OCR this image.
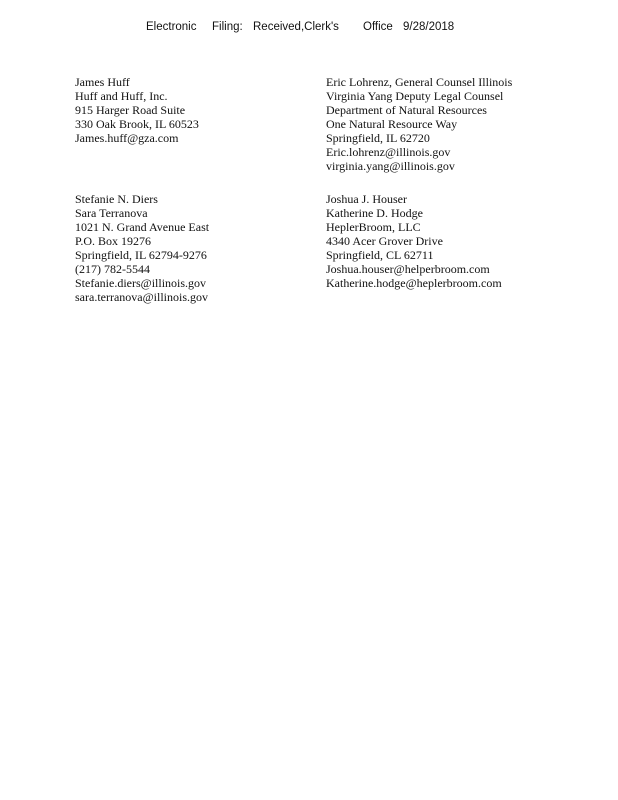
Electronic Filing: Received,Clerk's Office 9/28/2018
James Huff
Huff and Huff, Inc.
915 Harger Road Suite
330 Oak Brook, IL 60523
James.huff@gza.com
Eric Lohrenz, General Counsel Illinois
Virginia Yang Deputy Legal Counsel
Department of Natural Resources
One Natural Resource Way
Springfield, IL 62720
Eric.lohrenz@illinois.gov
virginia.yang@illinois.gov
Stefanie N. Diers
Sara Terranova
1021 N. Grand Avenue East
P.O. Box 19276
Springfield, IL 62794-9276
(217) 782-5544
Stefanie.diers@illinois.gov
sara.terranova@illinois.gov
Joshua J. Houser
Katherine D. Hodge
HeplerBroom, LLC
4340 Acer Grover Drive
Springfield, CL 62711
Joshua.houser@helperbroom.com
Katherine.hodge@heplerbroom.com
